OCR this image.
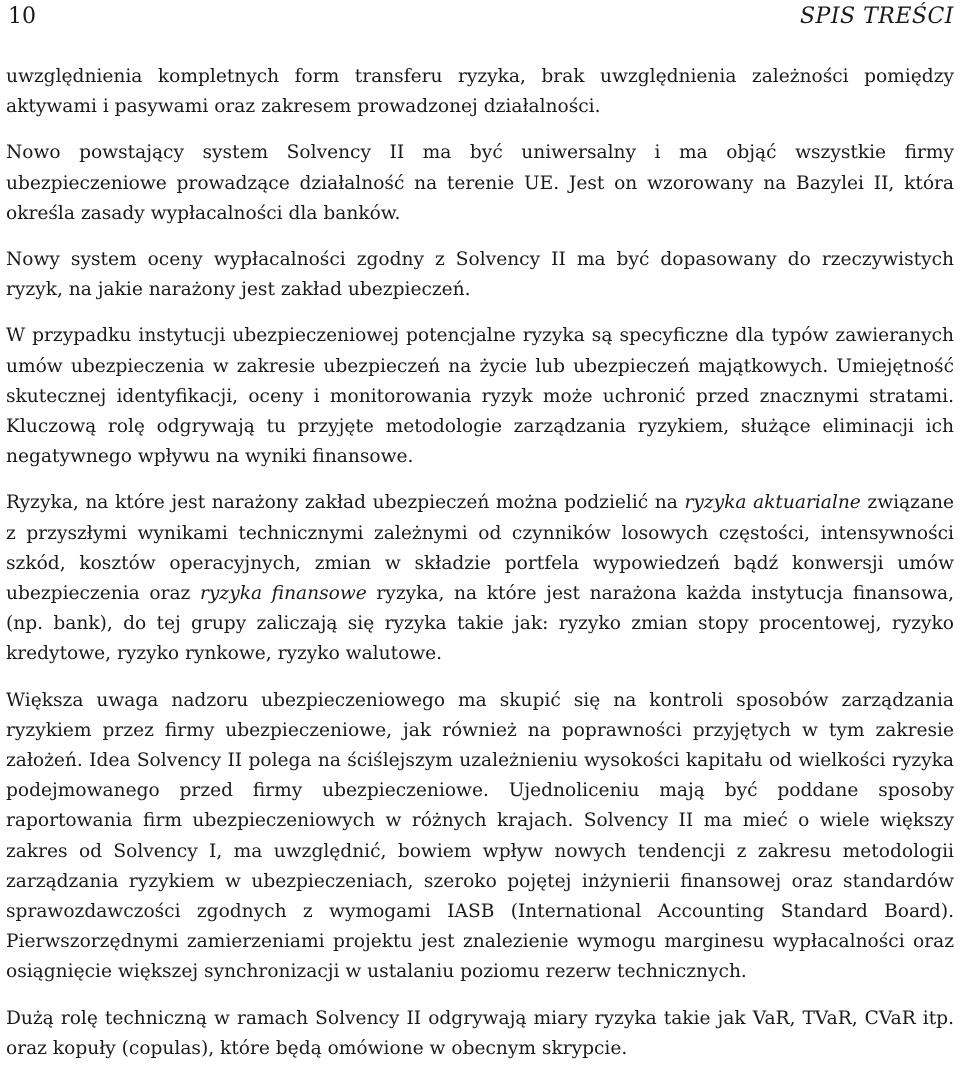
10	SPIS TREŚCI

uwzględnienia kompletnych form transferu ryzyka, brak uwzględnienia zależności pomiędzy aktywami i pasywami oraz zakresem prowadzonej działalności.

Nowo powstający system Solvency II ma być uniwersalny i ma objąć wszystkie firmy ubezpieczeniowe prowadzące działalność na terenie UE. Jest on wzorowany na Bazylei II, która określa zasady wypłacalności dla banków.

Nowy system oceny wypłacalności zgodny z Solvency II ma być dopasowany do rzeczywistych ryzyk, na jakie narażony jest zakład ubezpieczeń.

W przypadku instytucji ubezpieczeniowej potencjalne ryzyka są specyficzne dla typów zawieranych umów ubezpieczenia w zakresie ubezpieczeń na życie lub ubezpieczeń majątkowych. Umiejętność skutecznej identyfikacji, oceny i monitorowania ryzyk może uchronić przed znacznymi stratami. Kluczową rolę odgrywają tu przyjęte metodologie zarządzania ryzykiem, służące eliminacji ich negatywnego wpływu na wyniki finansowe.

Ryzyka, na które jest narażony zakład ubezpieczeń można podzielić na ryzyka aktuarialne związane z przyszłymi wynikami technicznymi zależnymi od czynników losowych częstości, intensywności szkód, kosztów operacyjnych, zmian w składzie portfela wypowiedzeń bądź konwersji umów ubezpieczenia oraz ryzyka finansowe ryzyka, na które jest narażona każda instytucja finansowa, (np. bank), do tej grupy zaliczają się ryzyka takie jak: ryzyko zmian stopy procentowej, ryzyko kredytowe, ryzyko rynkowe, ryzyko walutowe.

Większa uwaga nadzoru ubezpieczeniowego ma skupić się na kontroli sposobów zarządzania ryzykiem przez firmy ubezpieczeniowe, jak również na poprawności przyjętych w tym zakresie założeń. Idea Solvency II polega na ściślejszym uzależnieniu wysokości kapitału od wielkości ryzyka podejmowanego przed firmy ubezpieczeniowe. Ujednoliceniu mają być poddane sposoby raportowania firm ubezpieczeniowych w różnych krajach. Solvency II ma mieć o wiele większy zakres od Solvency I, ma uwzględnić, bowiem wpływ nowych tendencji z zakresu metodologii zarządzania ryzykiem w ubezpieczeniach, szeroko pojętej inżynierii finansowej oraz standardów sprawozdawczości zgodnych z wymogami IASB (International Accounting Standard Board). Pierwszorzędnymi zamierzeniami projektu jest znalezienie wymogu marginesu wypłacalności oraz osiągnięcie większej synchronizacji w ustalaniu poziomu rezerw technicznych.

Dużą rolę techniczną w ramach Solvency II odgrywają miary ryzyka takie jak VaR, TVaR, CVaR itp. oraz kopuły (copulas), które będą omówione w obecnym skrypcie.
